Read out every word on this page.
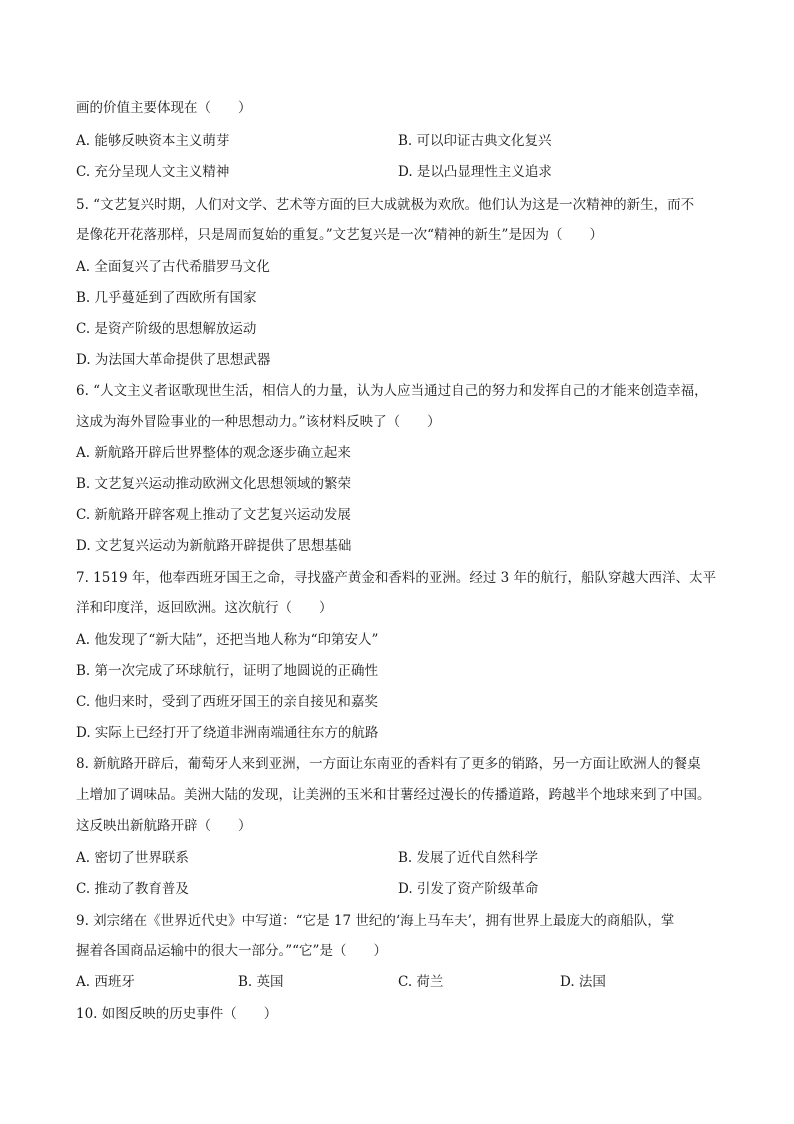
画的价值主要体现在（　　）
A. 能够反映资本主义萌芽	B. 可以印证古典文化复兴
C. 充分呈现人文主义精神	D. 是以凸显理性主义追求
5. “文艺复兴时期，人们对文学、艺术等方面的巨大成就极为欢欣。他们认为这是一次精神的新生，而不
是像花开花落那样，只是周而复始的重复。”文艺复兴是一次“精神的新生”是因为（　　）
A. 全面复兴了古代希腊罗马文化
B. 几乎蔓延到了西欧所有国家
C. 是资产阶级的思想解放运动
D. 为法国大革命提供了思想武器
6. “人文主义者讴歌现世生活，相信人的力量，认为人应当通过自己的努力和发挥自己的才能来创造幸福，
这成为海外冒险事业的一种思想动力。”该材料反映了（　　）
A. 新航路开辟后世界整体的观念逐步确立起来
B. 文艺复兴运动推动欧洲文化思想领域的繁荣
C. 新航路开辟客观上推动了文艺复兴运动发展
D. 文艺复兴运动为新航路开辟提供了思想基础
7. 1519 年，他奉西班牙国王之命，寻找盛产黄金和香料的亚洲。经过 3 年的航行，船队穿越大西洋、太平
洋和印度洋，返回欧洲。这次航行（　　）
A. 他发现了“新大陆”，还把当地人称为“印第安人”
B. 第一次完成了环球航行，证明了地圆说的正确性
C. 他归来时，受到了西班牙国王的亲自接见和嘉奖
D. 实际上已经打开了绕道非洲南端通往东方的航路
8. 新航路开辟后，葡萄牙人来到亚洲，一方面让东南亚的香料有了更多的销路，另一方面让欧洲人的餐桌
上增加了调味品。美洲大陆的发现，让美洲的玉米和甘薯经过漫长的传播道路，跨越半个地球来到了中国。
这反映出新航路开辟（　　）
A. 密切了世界联系	B. 发展了近代自然科学
C. 推动了教育普及	D. 引发了资产阶级革命
9. 刘宗绪在《世界近代史》中写道：“它是 17 世纪的‘海上马车夫’，拥有世界上最庞大的商船队，掌
握着各国商品运输中的很大一部分。”“它”是（　　）
A. 西班牙	B. 英国	C. 荷兰	D. 法国
10. 如图反映的历史事件（　　）
